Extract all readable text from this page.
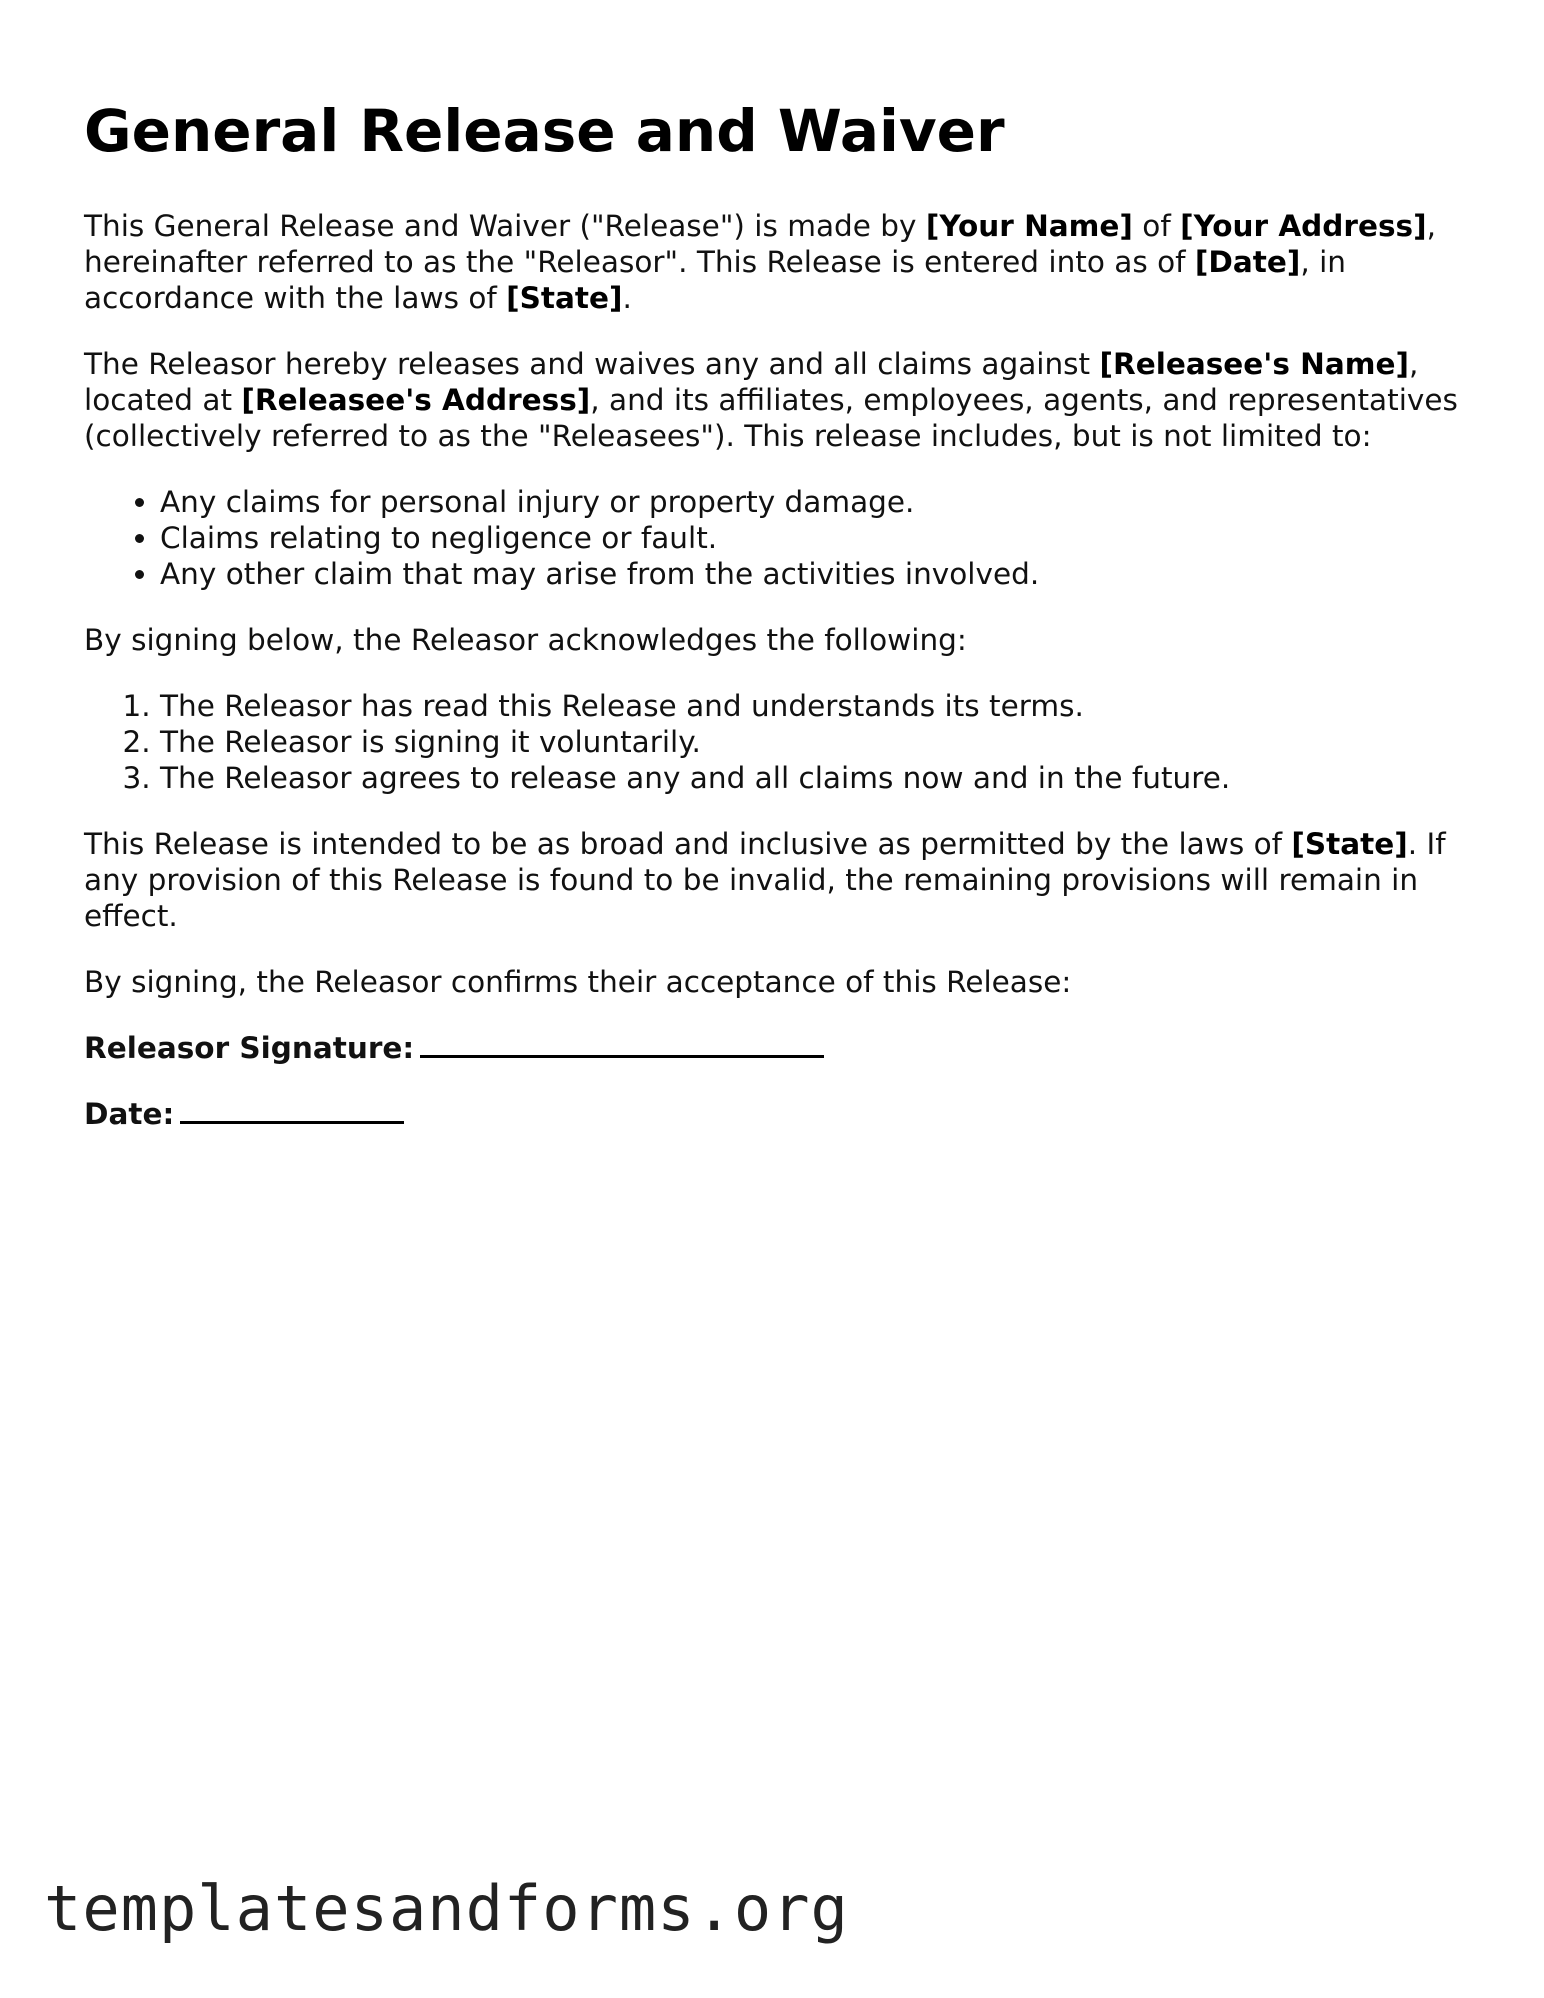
General Release and Waiver

This General Release and Waiver ("Release") is made by [Your Name] of [Your Address], hereinafter referred to as the "Releasor". This Release is entered into as of [Date], in accordance with the laws of [State].

The Releasor hereby releases and waives any and all claims against [Releasee's Name], located at [Releasee's Address], and its affiliates, employees, agents, and representatives (collectively referred to as the "Releasees"). This release includes, but is not limited to:

• Any claims for personal injury or property damage.
• Claims relating to negligence or fault.
• Any other claim that may arise from the activities involved.

By signing below, the Releasor acknowledges the following:

1. The Releasor has read this Release and understands its terms.
2. The Releasor is signing it voluntarily.
3. The Releasor agrees to release any and all claims now and in the future.

This Release is intended to be as broad and inclusive as permitted by the laws of [State]. If any provision of this Release is found to be invalid, the remaining provisions will remain in effect.

By signing, the Releasor confirms their acceptance of this Release:

Releasor Signature:

Date:

templatesandforms.org
